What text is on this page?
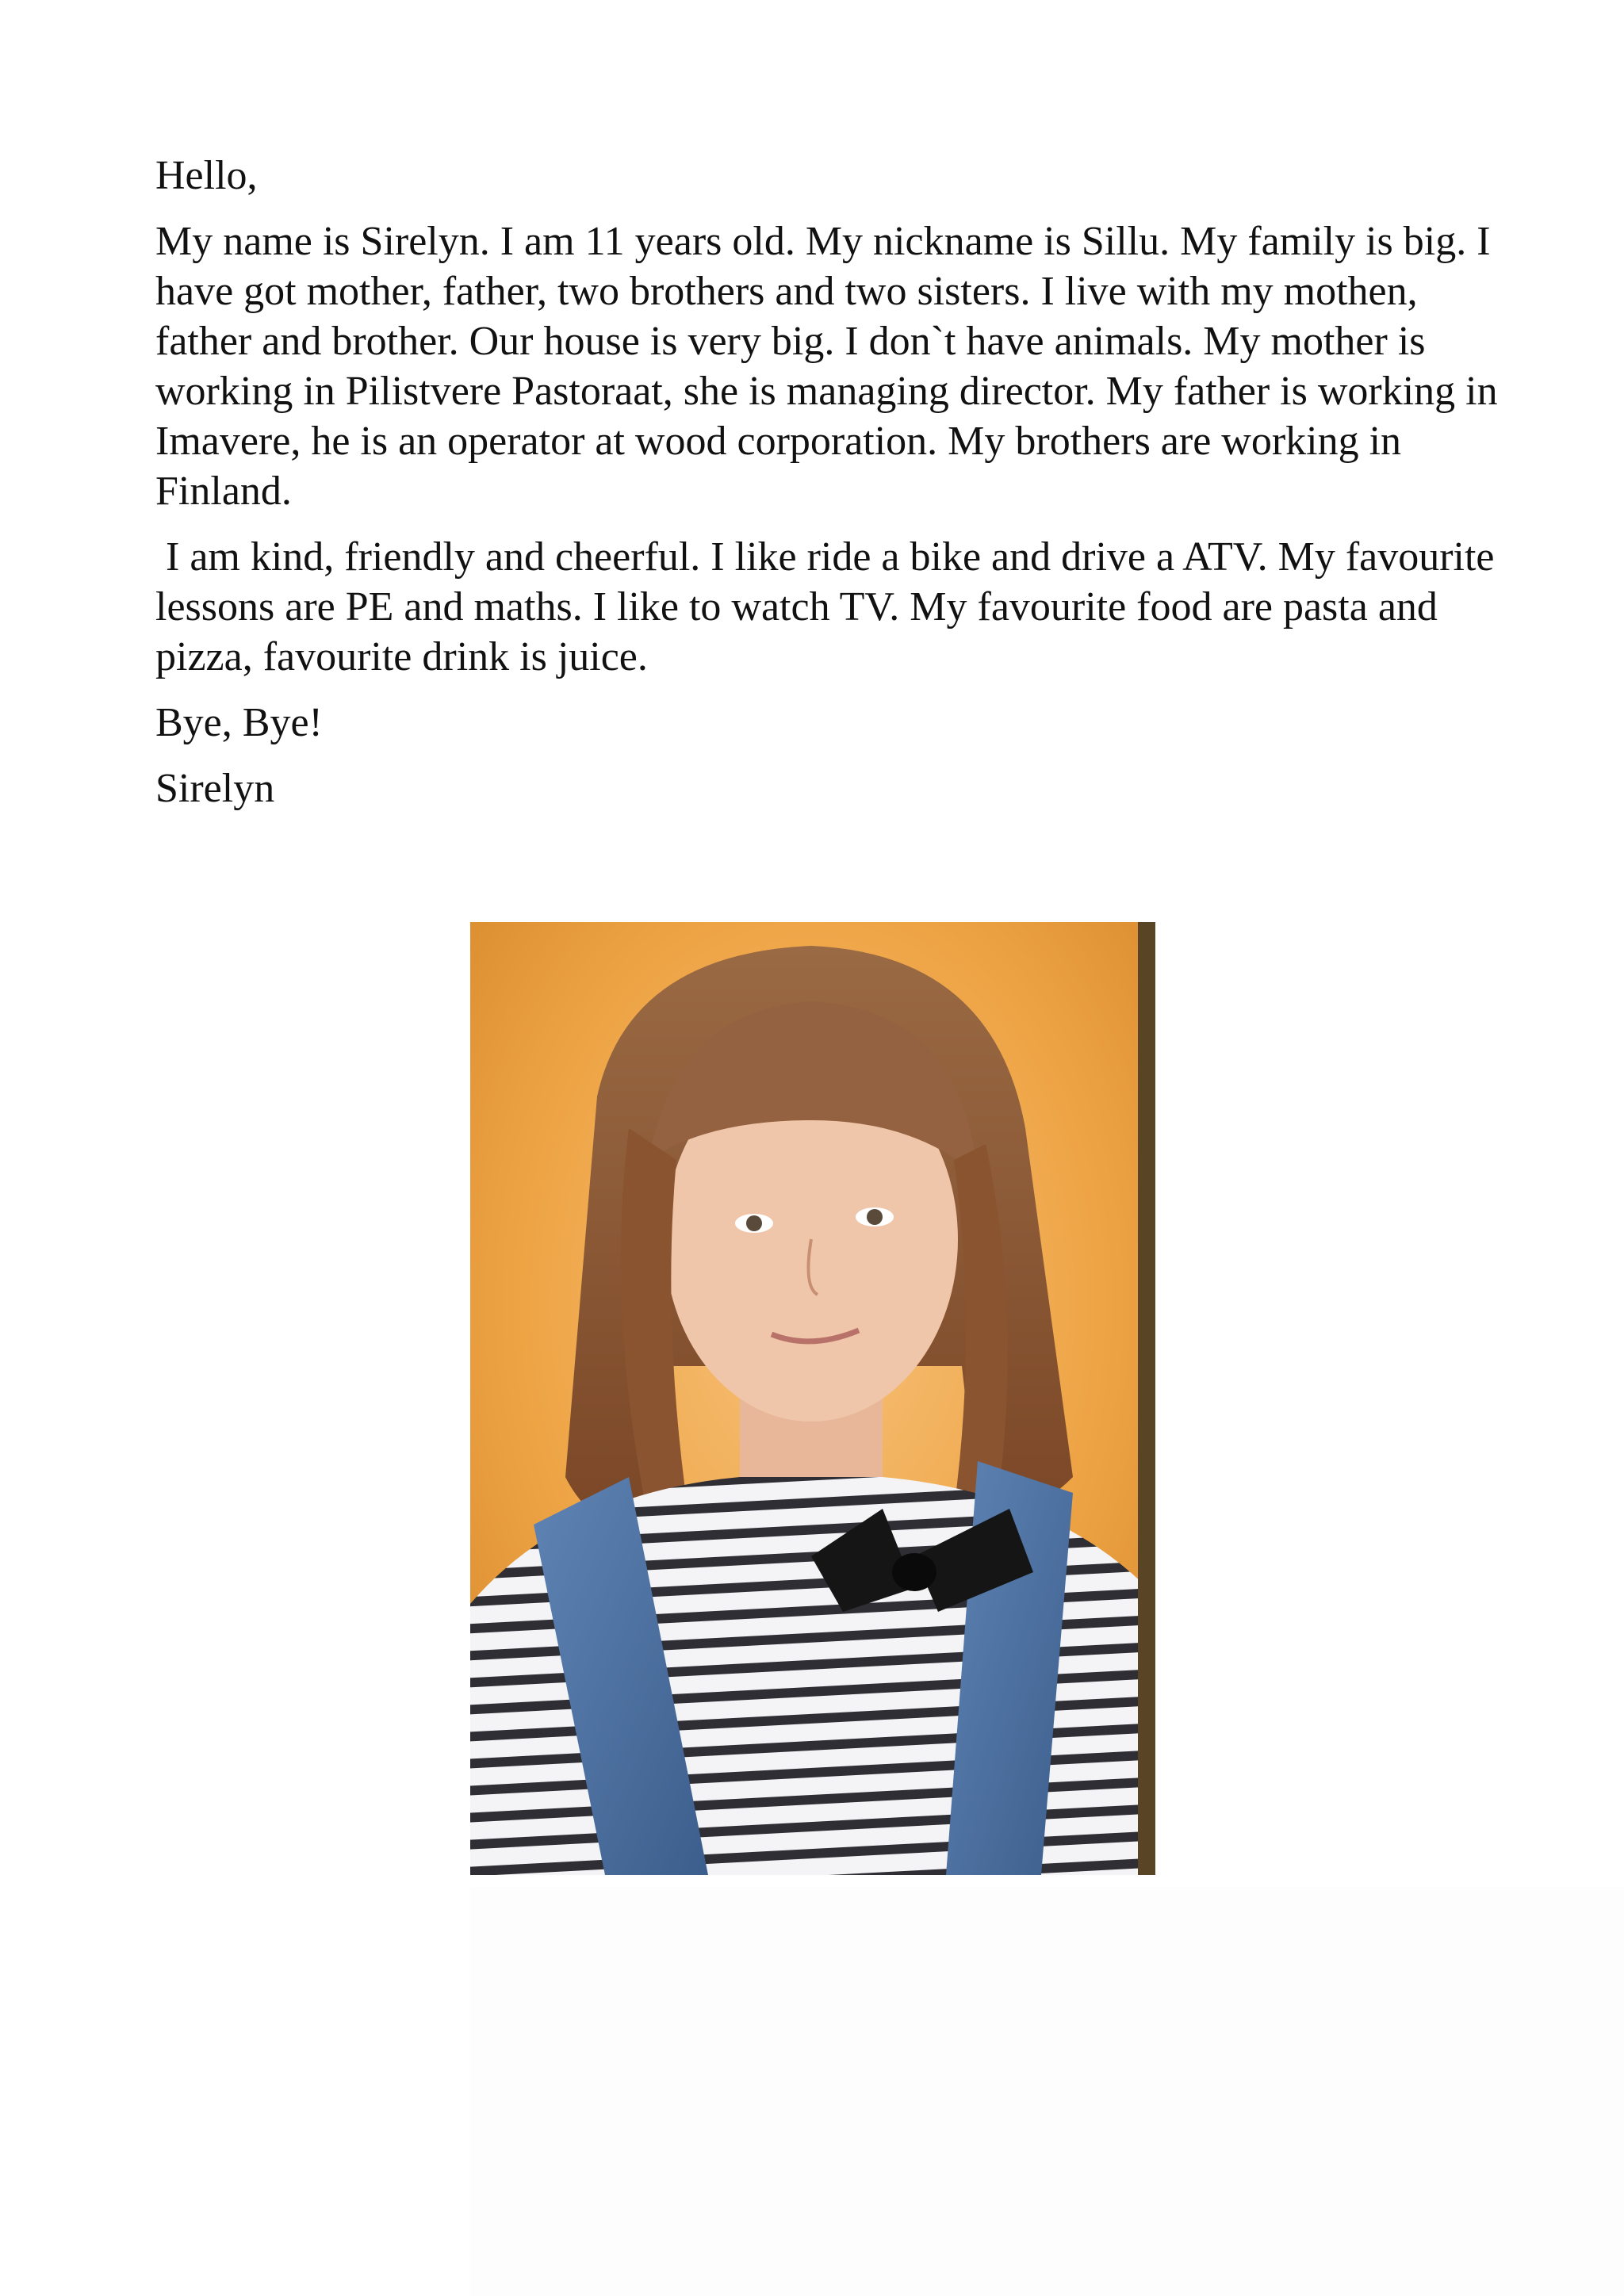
Hello,

My name is Sirelyn. I am 11 years old. My nickname is Sillu. My family is big. I have got mother, father, two brothers and two sisters. I live with my mothen, father and brother. Our house is very big. I don`t have animals. My mother is working in Pilistvere Pastoraat, she is managing director. My father is working in Imavere, he is an operator at wood corporation. My brothers are working in Finland.

I am kind, friendly and cheerful. I like ride a bike and drive a ATV. My favourite lessons are PE and maths. I like to watch TV. My favourite food are pasta and pizza, favourite drink is juice.

Bye, Bye!

Sirelyn
